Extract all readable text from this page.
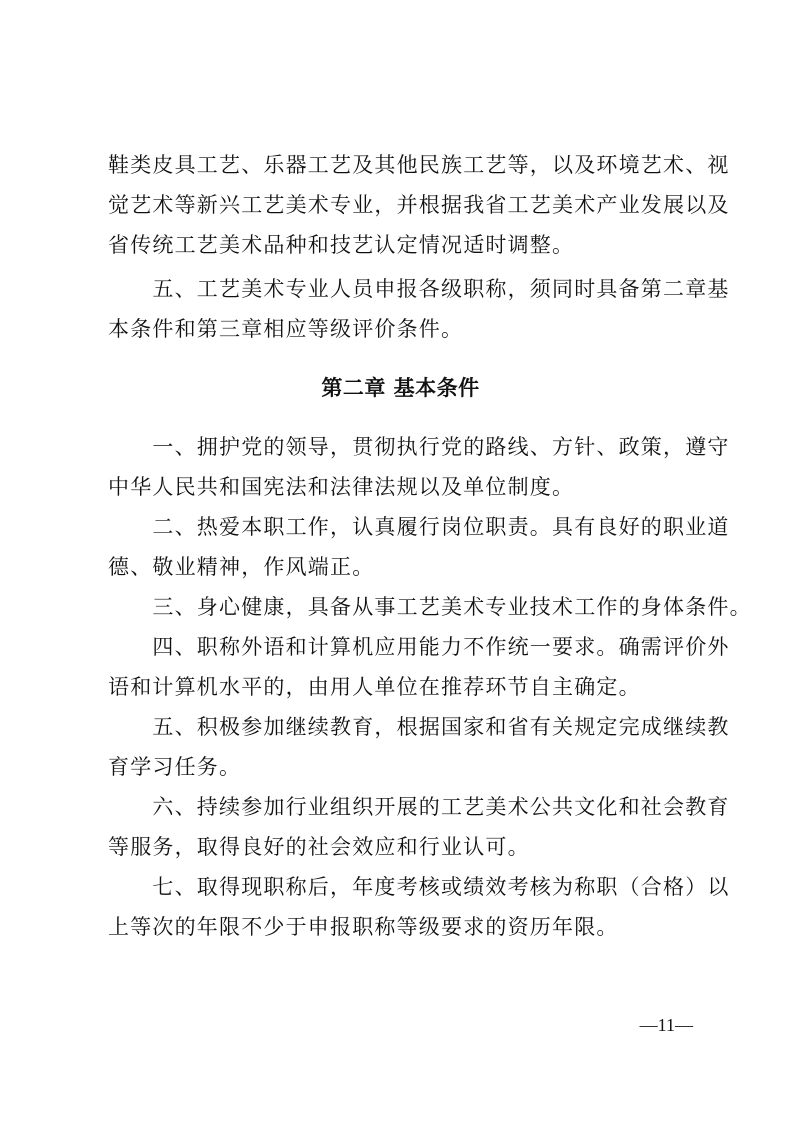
鞋类皮具工艺、乐器工艺及其他民族工艺等，以及环境艺术、视
觉艺术等新兴工艺美术专业，并根据我省工艺美术产业发展以及
省传统工艺美术品种和技艺认定情况适时调整。
　　五、工艺美术专业人员申报各级职称，须同时具备第二章基
本条件和第三章相应等级评价条件。
第二章 基本条件
　　一、拥护党的领导，贯彻执行党的路线、方针、政策，遵守
中华人民共和国宪法和法律法规以及单位制度。
　　二、热爱本职工作，认真履行岗位职责。具有良好的职业道
德、敬业精神，作风端正。
　　三、身心健康，具备从事工艺美术专业技术工作的身体条件。
　　四、职称外语和计算机应用能力不作统一要求。确需评价外
语和计算机水平的，由用人单位在推荐环节自主确定。
　　五、积极参加继续教育，根据国家和省有关规定完成继续教
育学习任务。
　　六、持续参加行业组织开展的工艺美术公共文化和社会教育
等服务，取得良好的社会效应和行业认可。
　　七、取得现职称后，年度考核或绩效考核为称职（合格）以
上等次的年限不少于申报职称等级要求的资历年限。
—11—
